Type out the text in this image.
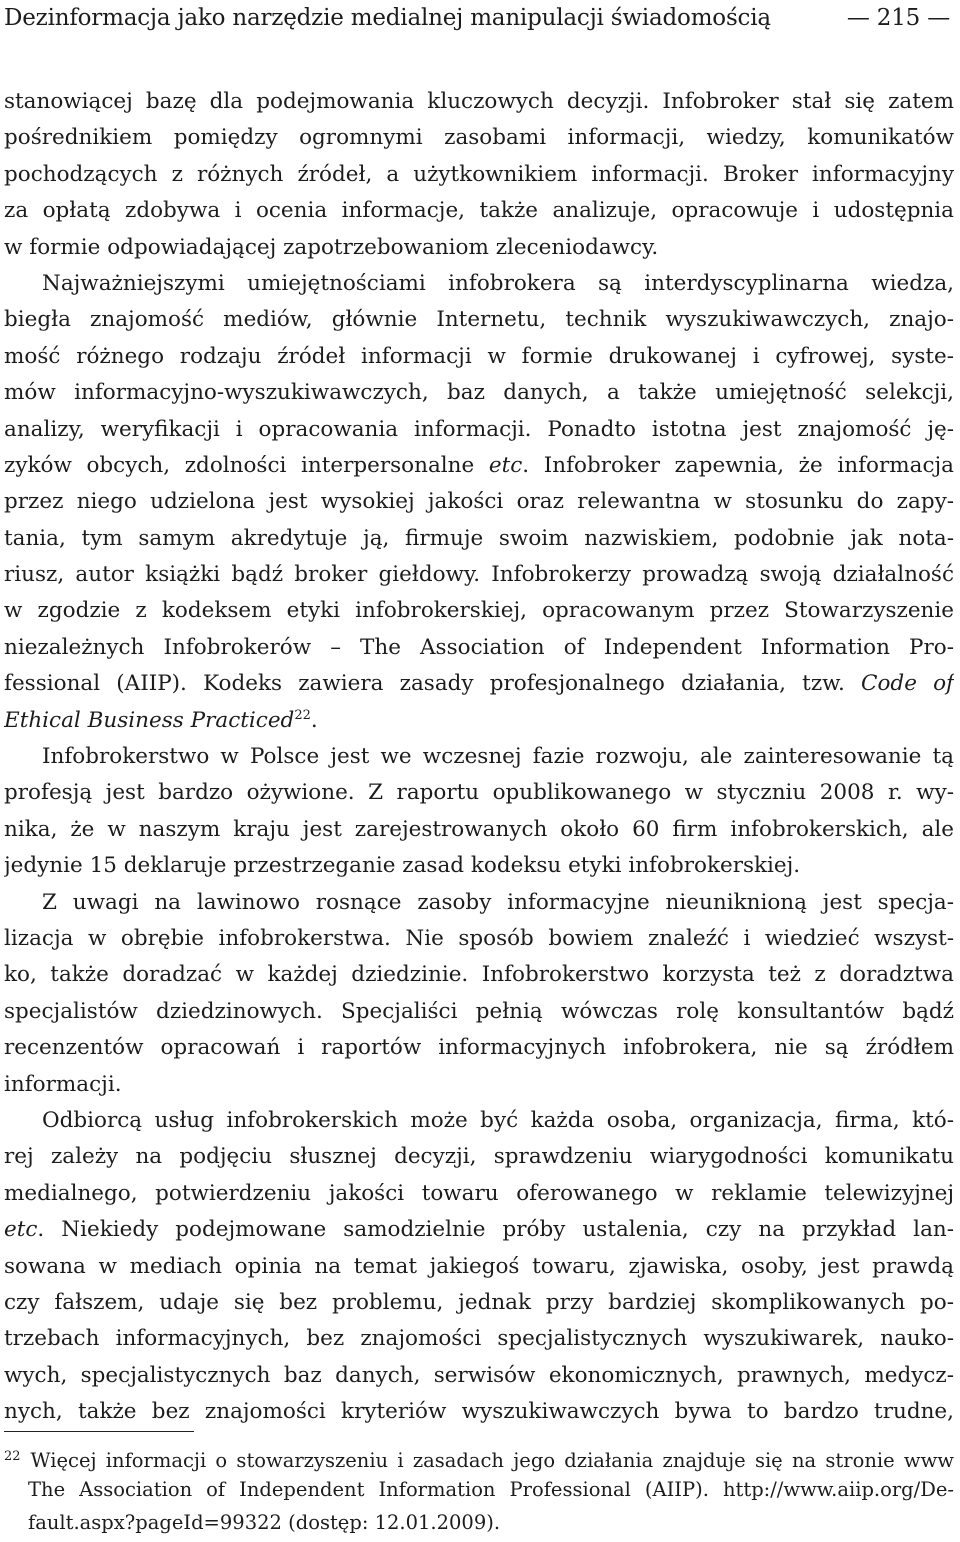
Dezinformacja jako narzędzie medialnej manipulacji świadomością	— 215 —
stanowiącej bazę dla podejmowania kluczowych decyzji. Infobroker stał się zatem
pośrednikiem pomiędzy ogromnymi zasobami informacji, wiedzy, komunikatów
pochodzących z różnych źródeł, a użytkownikiem informacji. Broker informacyjny
za opłatą zdobywa i ocenia informacje, także analizuje, opracowuje i udostępnia
w formie odpowiadającej zapotrzebowaniom zleceniodawcy.
Najważniejszymi umiejętnościami infobrokera są interdyscyplinarna wiedza,
biegła znajomość mediów, głównie Internetu, technik wyszukiwawczych, znajo-
mość różnego rodzaju źródeł informacji w formie drukowanej i cyfrowej, syste-
mów informacyjno-wyszukiwawczych, baz danych, a także umiejętność selekcji,
analizy, weryfikacji i opracowania informacji. Ponadto istotna jest znajomość ję-
zyków obcych, zdolności interpersonalne etc. Infobroker zapewnia, że informacja
przez niego udzielona jest wysokiej jakości oraz relewantna w stosunku do zapy-
tania, tym samym akredytuje ją, firmuje swoim nazwiskiem, podobnie jak nota-
riusz, autor książki bądź broker giełdowy. Infobrokerzy prowadzą swoją działalność
w zgodzie z kodeksem etyki infobrokerskiej, opracowanym przez Stowarzyszenie
niezależnych Infobrokerów – The Association of Independent Information Pro-
fessional (AIIP). Kodeks zawiera zasady profesjonalnego działania, tzw. Code of
Ethical Business Practiced$^{22}$.
Infobrokerstwo w Polsce jest we wczesnej fazie rozwoju, ale zainteresowanie tą
profesją jest bardzo ożywione. Z raportu opublikowanego w styczniu 2008 r. wy-
nika, że w naszym kraju jest zarejestrowanych około 60 firm infobrokerskich, ale
jedynie 15 deklaruje przestrzeganie zasad kodeksu etyki infobrokerskiej.
Z uwagi na lawinowo rosnące zasoby informacyjne nieuniknioną jest specja-
lizacja w obrębie infobrokerstwa. Nie sposób bowiem znaleźć i wiedzieć wszyst-
ko, także doradzać w każdej dziedzinie. Infobrokerstwo korzysta też z doradztwa
specjalistów dziedzinowych. Specjaliści pełnią wówczas rolę konsultantów bądź
recenzentów opracowań i raportów informacyjnych infobrokera, nie są źródłem
informacji.
Odbiorcą usług infobrokerskich może być każda osoba, organizacja, firma, któ-
rej zależy na podjęciu słusznej decyzji, sprawdzeniu wiarygodności komunikatu
medialnego, potwierdzeniu jakości towaru oferowanego w reklamie telewizyjnej
etc. Niekiedy podejmowane samodzielnie próby ustalenia, czy na przykład lan-
sowana w mediach opinia na temat jakiegoś towaru, zjawiska, osoby, jest prawdą
czy fałszem, udaje się bez problemu, jednak przy bardziej skomplikowanych po-
trzebach informacyjnych, bez znajomości specjalistycznych wyszukiwarek, nauko-
wych, specjalistycznych baz danych, serwisów ekonomicznych, prawnych, medycz-
nych, także bez znajomości kryteriów wyszukiwawczych bywa to bardzo trudne,
$^{22}$ Więcej informacji o stowarzyszeniu i zasadach jego działania znajduje się na stronie www
The Association of Independent Information Professional (AIIP). http://www.aiip.org/De-
fault.aspx?pageId=99322 (dostęp: 12.01.2009).
